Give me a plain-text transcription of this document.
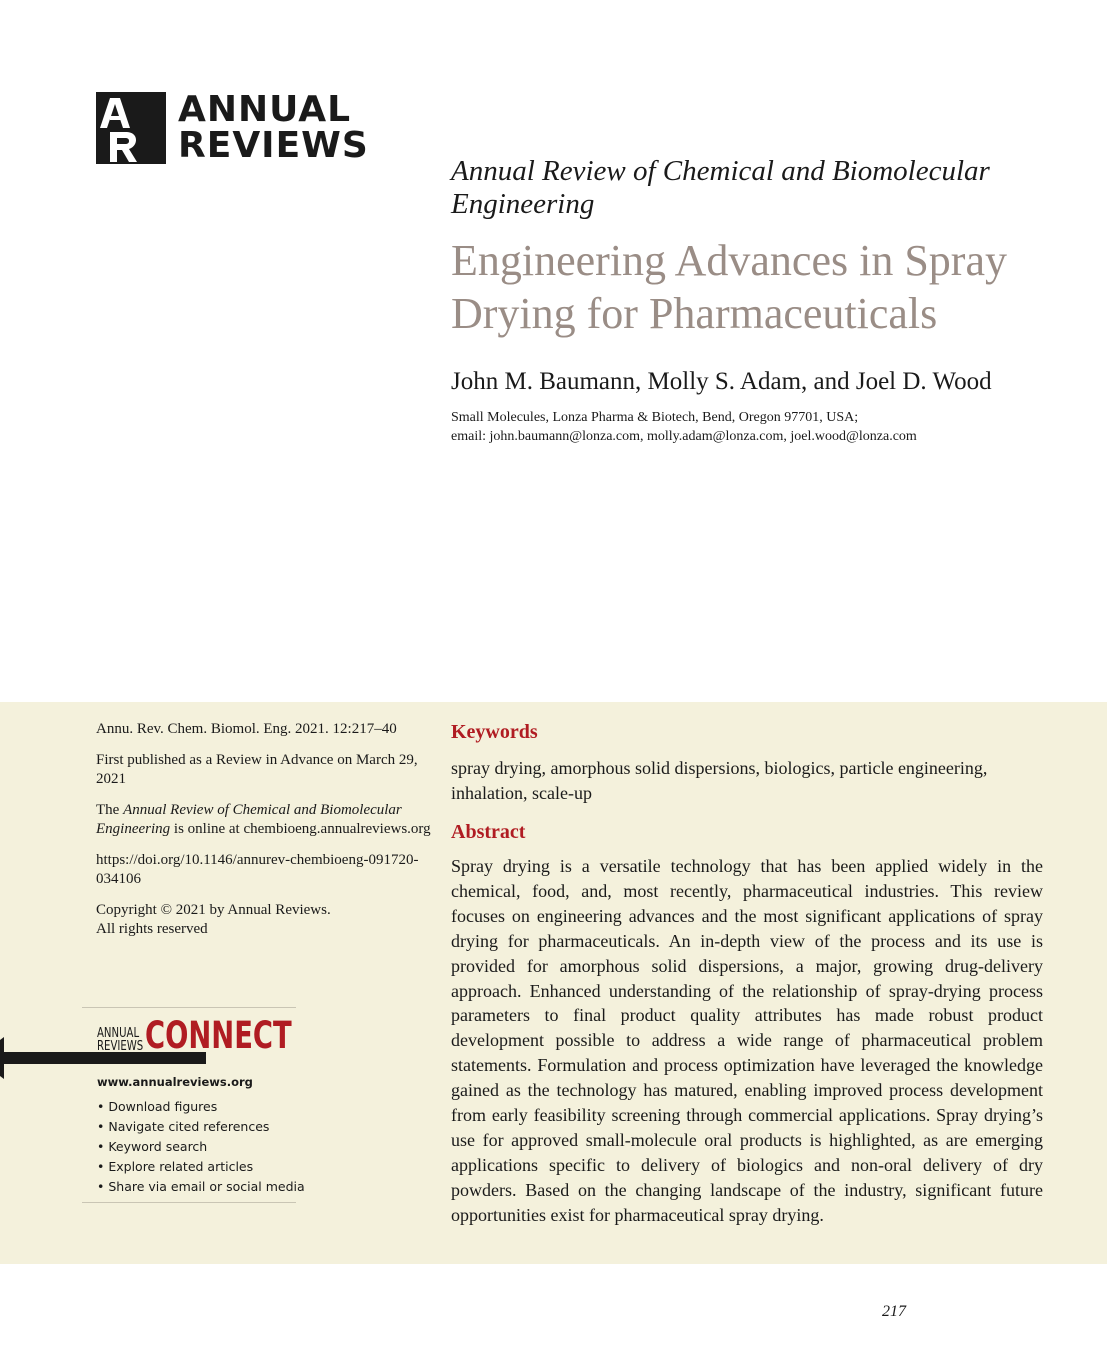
ANNUAL
REVIEWS
Annual Review of Chemical and Biomolecular Engineering
Engineering Advances in Spray Drying for Pharmaceuticals
John M. Baumann, Molly S. Adam, and Joel D. Wood
Small Molecules, Lonza Pharma & Biotech, Bend, Oregon 97701, USA;
email: john.baumann@lonza.com, molly.adam@lonza.com, joel.wood@lonza.com

Annu. Rev. Chem. Biomol. Eng. 2021. 12:217–40

First published as a Review in Advance on March 29, 2021

The Annual Review of Chemical and Biomolecular Engineering is online at chembioeng.annualreviews.org

https://doi.org/10.1146/annurev-chembioeng-091720-034106

Copyright © 2021 by Annual Reviews.
All rights reserved

ANNUAL
REVIEWS CONNECT
www.annualreviews.org
• Download figures
• Navigate cited references
• Keyword search
• Explore related articles
• Share via email or social media
Keywords
spray drying, amorphous solid dispersions, biologics, particle engineering, inhalation, scale-up
Abstract
Spray drying is a versatile technology that has been applied widely in the chemical, food, and, most recently, pharmaceutical industries. This review focuses on engineering advances and the most significant applications of spray drying for pharmaceuticals. An in-depth view of the process and its use is provided for amorphous solid dispersions, a major, growing drug-delivery approach. Enhanced understanding of the relationship of spray-drying process parameters to final product quality attributes has made robust product development possible to address a wide range of pharmaceutical problem statements. Formulation and process optimization have leveraged the knowledge gained as the technology has matured, enabling improved process development from early feasibility screening through commercial applications. Spray drying’s use for approved small-molecule oral products is highlighted, as are emerging applications specific to delivery of biologics and non-oral delivery of dry powders. Based on the changing landscape of the industry, significant future opportunities exist for pharmaceutical spray drying.
217
